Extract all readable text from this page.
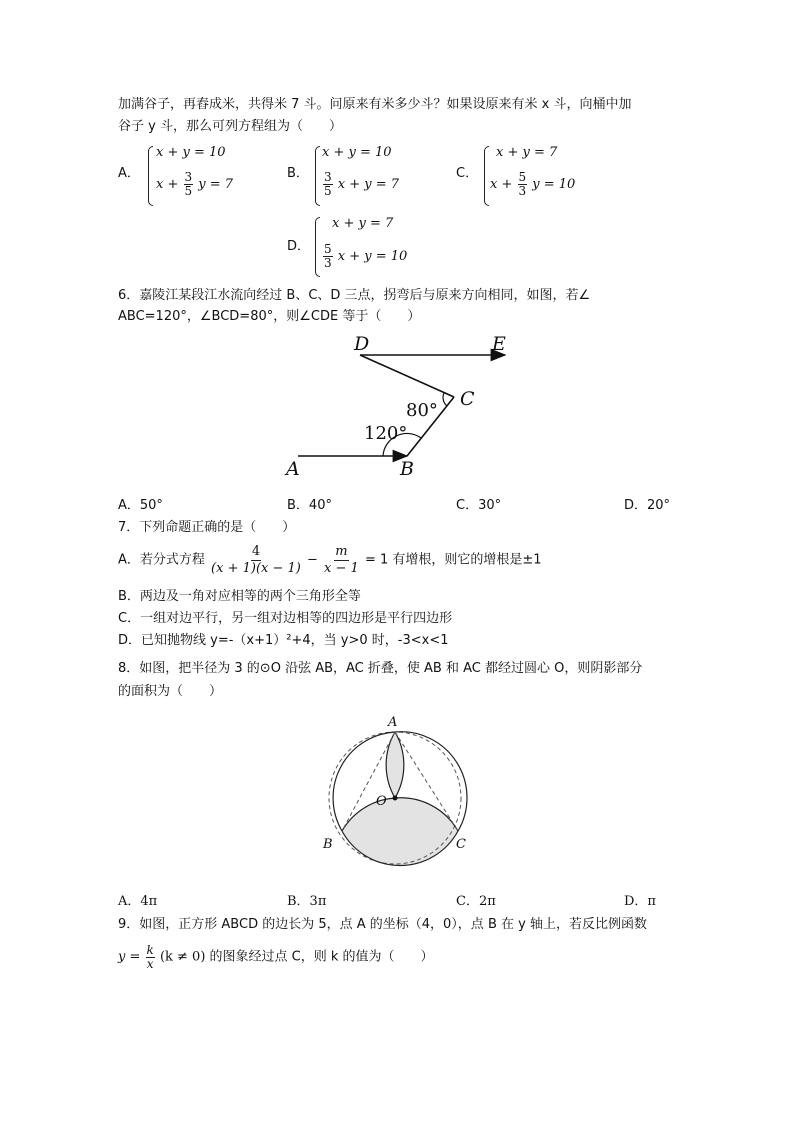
加满谷子，再舂成米，共得米 7 斗。问原来有米多少斗？如果设原来有米 x 斗，向桶中加
谷子 y 斗，那么可列方程组为（　　）
A．
x + y = 10
$x + \frac{3}{5}$ y = 7
B．
x + y = 10
$\frac{3}{5}$ x + y = 7
C．
x + y = 7
$x + \frac{5}{3}$ y = 10
D．
x + y = 7
$\frac{5}{3}$ x + y = 10
6．嘉陵江某段江水流向经过 B、C、D 三点，拐弯后与原来方向相同，如图，若∠
ABC=120°，∠BCD=80°，则∠CDE 等于（　　）
D	E
C
A	B
80°
120°
A．50°	B．40°	C．30°	D．20°
7．下列命题正确的是（　　）
A．若分式方程 $\frac{4}{(x + 1)(x - 1)} - \frac{m}{x - 1} = 1$ 有增根，则它的增根是±1
B．两边及一角对应相等的两个三角形全等
C．一组对边平行，另一组对边相等的四边形是平行四边形
D．已知抛物线 y=-（x+1）²+4，当 y>0 时，-3<x<1
8．如图，把半径为 3 的⊙O 沿弦 AB，AC 折叠，使 AB 和 AC 都经过圆心 O，则阴影部分
的面积为（　　）
A
O
B	C
A．4π	B．3π	C．2π	D．π
9．如图，正方形 ABCD 的边长为 5，点 A 的坐标（4，0），点 B 在 y 轴上，若反比例函数
$y = \frac{k}{x} (k \ne 0)$ 的图象经过点 C，则 k 的值为（　　）
